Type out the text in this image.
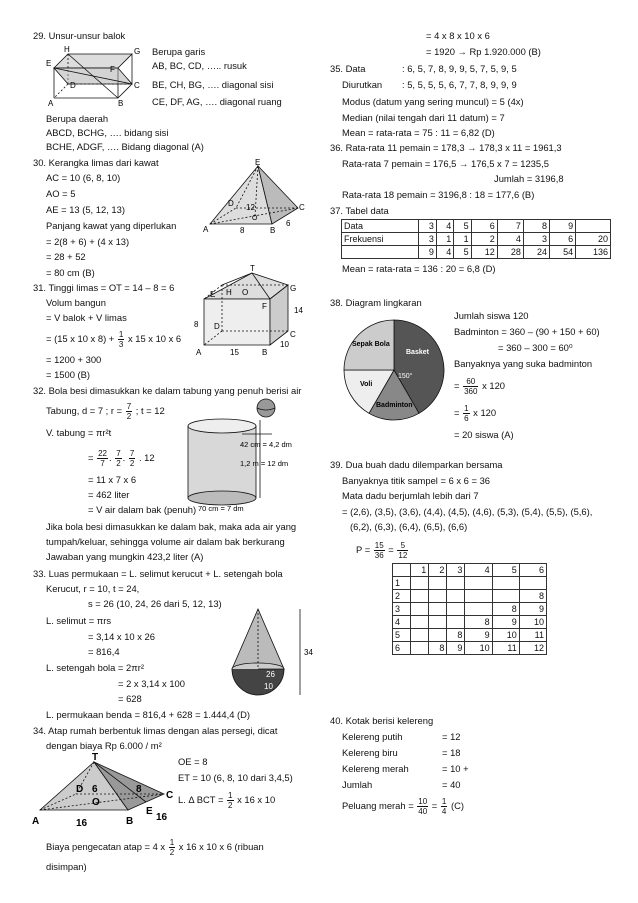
29. Unsur-unsur balok
H
E
G
F
D	C
A	B
Berupa garis
AB, BC, CD, ….. rusuk
BE, CH, BG, …. diagonal sisi
CE, DF, AG, …. diagonal ruang
Berupa daerah
ABCD, BCHG, …. bidang sisi
BCHE, ADGF, …. Bidang diagonal (A)
30. Kerangka limas dari kawat
AC = 10 (6, 8, 10)
AO = 5
AE = 13 (5, 12, 13)
Panjang kawat yang diperlukan
= 2(8 + 6) + (4 x 13)
= 28 + 52
= 80 cm (B)
E
D 12
O
C
A	8	B
6
31. Tinggi limas = OT = 14 – 8 = 6
Volum bangun
= V balok + V limas
= (15 x 10 x $8) + \frac{1}{3}$ x 15 x 10 x 6
= 1200 + 300
= 1500 (B)
T
E H O	G
F	14
8 D
C
A	15	B
10
32. Bola besi dimasukkan ke dalam tabung yang penuh berisi air
Tabung, d = 7 ; $r = \frac{7}{2}$ ; t = 12
V. tabung = πr²t
= $\frac{22}{7}$ . $\frac{7}{2}$ . $\frac{7}{2}$ . 12
= 11 x 7 x 6
= 462 liter
= V air dalam bak (penuh)
Jika bola besi dimasukkan ke dalam bak, maka ada air yang
tumpah/keluar, sehingga volume air dalam bak berkurang
Jawaban yang mungkin 423,2 liter (A)
42 cm = 4,2 dm
1,2 m = 12 dm
70 cm = 7 dm
33. Luas permukaan = L. selimut kerucut + L. setengah bola
Kerucut, r = 10, t = 24,
s = 26 (10, 24, 26 dari 5, 12, 13)
L. selimut = πrs
= 3,14 x 10 x 26
= 816,4
L. setengah bola = 2πr²
= 2 x 3,14 x 100
= 628
L. permukaan benda = 816,4 + 628 = 1.444,4 (D)
34
26
10
34. Atap rumah berbentuk limas dengan alas persegi, dicat
dengan biaya Rp 6.000 / m²
OE = 8
ET = 10 (6, 8, 10 dari 3,4,5)
L. Δ BCT = $\frac{1}{2}$ x 16 x 10
Biaya pengecatan atap = 4 x $\frac{1}{2}$ x 16 x 10 x 6 (ribuan
disimpan)
T
D 6
O
8
E
C
A	16	B 16
= 4 x 8 x 10 x 6
= 1920 → Rp 1.920.000 (B)
35. Data	: 6, 5, 7, 8, 9, 9, 5, 7, 5, 9, 5
Diurutkan : 5, 5, 5, 5, 6, 7, 7, 8, 9, 9, 9
Modus (datum yang sering muncul) = 5 (4x)
Median (nilai tengah dari 11 datum) = 7
Mean = rata-rata = 75 : 11 = 6,82 (D)
36. Rata-rata 11 pemain = 178,3 → 178,3 x 11 = 1961,3
Rata-rata 7 pemain = 176,5 → 176,5 x 7 = 1235,5
Jumlah = 3196,8
Rata-rata 18 pemain = 3196,8 : 18 = 177,6 (B)
37. Tabel data
Data	3	4	5	6	7	8	9	
Frekuensi	3	1	1	2	4	3	6	20
	9	4	5	12	28	24	54	136
Mean = rata-rata = 136 : 20 = 6,8 (D)
38. Diagram lingkaran
Jumlah siswa 120
Badminton = 360 – (90 + 150 + 60)
= 360 – 300 = 60⁰
Banyaknya yang suka badminton
= $\frac{60}{360}$ x 120
= $\frac{1}{6}$ x 120
= 20 siswa (A)
Sepak Bola
Basket
150°
Voli
Badminton
39. Dua buah dadu dilemparkan bersama
Banyaknya titik sampel = 6 x 6 = 36
Mata dadu berjumlah lebih dari 7
= (2,6), (3,5), (3,6), (4,4), (4,5), (4,6), (5,3), (5,4), (5,5), (5,6),
(6,2), (6,3), (6,4), (6,5), (6,6)
$P = \frac{15}{36} = \frac{5}{12}$
	1	2	3	4	5	6
1						
2						8
3					8	9
4				8	9	10
5			8	9	10	11
6		8	9	10	11	12
40. Kotak berisi kelereng
Kelereng putih	= 12
Kelereng biru	= 18
Kelereng merah	= 10 +
Jumlah	= 40
Peluang merah = $\frac{10}{40} = \frac{1}{4} (C)$
